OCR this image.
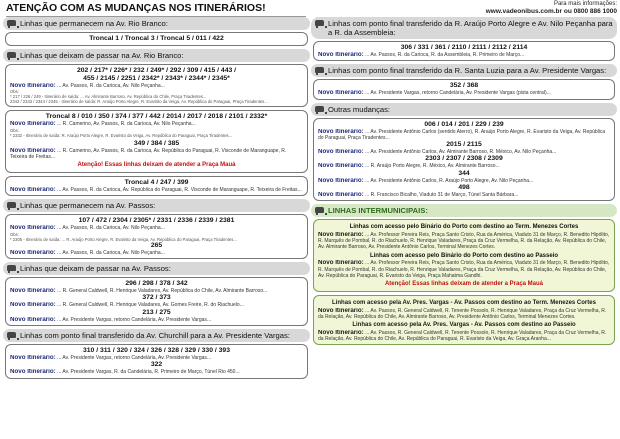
ATENÇÃO COM AS MUDANÇAS NOS ITINERÁRIOS!	Para mais informações:
www.vadeonibus.com.br ou 0800 886 1000
Linhas que permanecem na Av. Rio Branco:
Troncal 1 / Troncal 3 / Troncal 5 / 011 / 422
Linhas que deixam de passar na Av. Rio Branco:
202 / 217* / 226* / 232 / 249* / 292 / 309 / 415 / 443 /
455 / 2145 / 2251 / 2342* / 2343* / 2344* / 2345*
Novo Itinerário: ... Av. Passos, R. da Carioca, Av. Nilo Peçanha...
Obs:
* 217 / 226 / 249 - Itinerário de saída: ... Av. Almirante Barroso, Av. República do Chile, Praça Tiradentes...
2342 / 2343 / 2344 / 2345 - Itinerário de saída: R. Araújo Porto Alegre, R. Evaristo da Veiga, Av. República do Paraguai, Praça Tiradentes...
Troncal 8 / 010 / 350 / 374 / 377 / 442 / 2014 / 2017 / 2018 / 2101 / 2332*
Novo Itinerário: ... R. Camerino, Av. Passos, R. da Carioca, Av. Nilo Peçanha...
Obs:
* 2332 - Itinerário de saída: R. Araújo Porto Alegre, R. Evaristo da Veiga, Av. República do Paraguai, Praça Tiradentes...
349 / 384 / 385
Novo Itinerário: ... R. Camerino, Av. Passos, R. da Carioca, Av. República do Paraguai, R. Visconde de Maranguape, R. Teixeira de Freitas...
Atenção! Essas linhas deixam de atender a Praça Mauá
Troncal 4 / 247 / 399
Novo Itinerário: ... Av. Passos, R. da Carioca, Av. República do Paraguai, R. Visconde de Maranguape, R. Teixeira de Freitas...
Linhas que permanecem na Av. Passos:
107 / 472 / 2304 / 2305* / 2331 / 2336 / 2339 / 2381
Novo Itinerário: ... Av. Passos, R. da Carioca, Av. Nilo Peçanha...
Obs:
* 2305 - Itinerário de saída: ... R. Araújo Porto Alegre, R. Evaristo da Veiga, Av. República do Paraguai, Praça Tiradentes...
265
Novo Itinerário: ... Av. Passos, R. da Carioca, Av. Nilo Peçanha...
Linhas que deixam de passar na Av. Passos:
296 / 298 / 378 / 342
Novo Itinerário: ... R. General Caldwell, R. Henrique Valadares, Av. República do Chile, Av. Almirante Barroso...
372 / 373
Novo Itinerário: ... R. General Caldwell, R. Henrique Valadares, Av. Gomes Freire, R. do Riachuelo...
213 / 275
Novo Itinerário: ... Av. Presidente Vargas, retorno Candelária, Av. Presidente Vargas...
Linhas com ponto final transferido da Av. Churchill para a Av. Presidente Vargas:
310 / 311 / 320 / 324 / 326 / 328 / 329 / 330 / 393
Novo Itinerário: ... Av. Presidente Vargas, retorno Candelária, Av. Presidente Vargas...
322
Novo Itinerário: ... Av. Presidente Vargas, R. da Candelária, R. Primeiro de Março, Túnel Rio 450...
Linhas com ponto final transferido da R. Araújo Porto Alegre e Av. Nilo Peçanha para a R. da Assembleia:
306 / 331 / 361 / 2110 / 2111 / 2112 / 2114
Novo Itinerário: ... Av. Passos, R. da Carioca, R. da Assembleia, R. Primeiro de Março...
Linhas com ponto final transferido da R. Santa Luzia para a Av. Presidente Vargas:
352 / 368
Novo Itinerário: ... Av. Presidente Vargas, retorno Candelária, Av. Presidente Vargas (pista central)...
Outras mudanças:
006 / 014 / 201 / 229 / 239
Novo Itinerário: ... Av. Presidente Antônio Carlos (sentido Aterro), R. Araújo Porto Alegre, R. Evaristo da Veiga, Av. República do Paraguai, Praça Tiradentes...
2015 / 2115
Novo Itinerário: ... Av. Presidente Antônio Carlos, Av. Almirante Barroso, R. México, Av. Nilo Peçanha...
2303 / 2307 / 2308 / 2309
Novo Itinerário: ... R. Araújo Porto Alegre, R. México, Av. Almirante Barroso...
344
Novo Itinerário: ... Av. Presidente Antônio Carlos, R. Araújo Porto Alegre, Av. Nilo Peçanha...
498
Novo Itinerário: ... R. Francisco Bicalho, Viaduto 31 de Março, Túnel Santa Bárbara...
LINHAS INTERMUNICIPAIS:
Linhas com acesso pelo Binário do Porto com destino ao Term. Menezes Cortes
Novo Itinerário: ... Av. Professor Pereira Reis, Praça Santo Cristo, Rua da América, Viaduto 31 de Março, R. Benedito Hipólito, R. Marquês de Pombal, R. do Riachuelo, R. Henrique Valadares, Praça da Cruz Vermelha, R. da Relação, Av. República do Chile, Av. Almirante Barroso, Av. Presidente Antônio Carlos, Terminal Menezes Cortes.
Linhas com acesso pelo Binário do Porto com destino ao Passeio
Novo Itinerário: ... Av. Professor Pereira Reis, Praça Santo Cristo, Rua da América, Viaduto 31 de Março, R. Benedito Hipólito, R. Marquês de Pombal, R. do Riachuelo, R. Henrique Valadares, Praça da Cruz Vermelha, R. da Relação, Av. República do Chile, Av. República do Paraguai, R. Evaristo da Veiga, Praça Mahatma Gandhi.
Atenção! Essas linhas deixam de atender a Praça Mauá
Linhas com acesso pela Av. Pres. Vargas - Av. Passos com destino ao Term. Menezes Cortes
Novo Itinerário: ... Av. Passos, R. General Caldwell, R. Tenente Possolo, R. Henrique Valadares, Praça da Cruz Vermelha, R. da Relação, Av. República do Chile, Av. Almirante Barroso, Av. Presidente Antônio Carlos, Terminal Menezes Cortes.
Linhas com acesso pela Av. Pres. Vargas - Av. Passos com destino ao Passeio
Novo Itinerário: ... Av. Passos, R. General Caldwell, R. Tenente Possolo, R. Henrique Valadares, Praça da Cruz Vermelha, R. da Relação, Av. República do Chile, Av. República do Paraguai, R. Evaristo da Veiga, Av. Graça Aranha...
